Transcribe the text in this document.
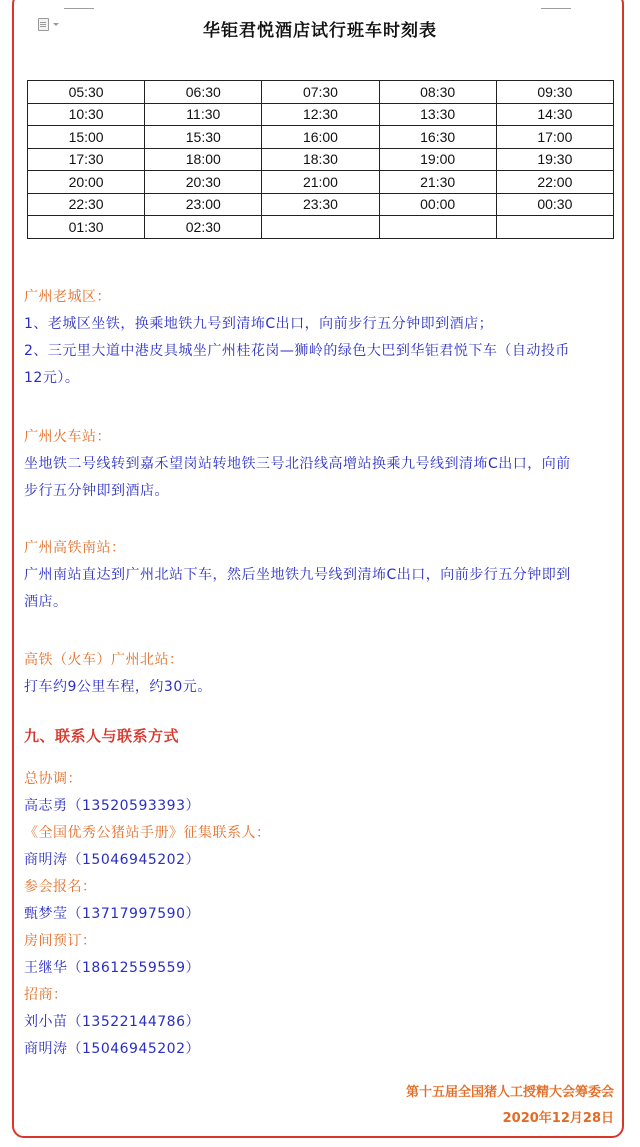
华钜君悦酒店试行班车时刻表
05:30	06:30	07:30	08:30	09:30
10:30	11:30	12:30	13:30	14:30
15:00	15:30	16:00	16:30	17:00
17:30	18:00	18:30	19:00	19:30
20:00	20:30	21:00	21:30	22:00
22:30	23:00	23:30	00:00	00:30
01:30	02:30			

广州老城区：

1、老城区坐铁，换乘地铁九号到清㘵C出口，向前步行五分钟即到酒店；

2、三元里大道中港皮具城坐广州桂花岗—狮岭的绿色大巴到华钜君悦下车（自动投币

12元）。

广州火车站：

坐地铁二号线转到嘉禾望岗站转地铁三号北沿线高增站换乘九号线到清㘵C出口，向前

步行五分钟即到酒店。

广州高铁南站：

广州南站直达到广州北站下车，然后坐地铁九号线到清㘵C出口，向前步行五分钟即到

酒店。

高铁（火车）广州北站：

打车约9公里车程，约30元。

九、联系人与联系方式

总协调：

高志勇（13520593393）

《全国优秀公猪站手册》征集联系人：

商明涛（15046945202）

参会报名：

甄梦莹（13717997590）

房间预订：

王继华（18612559559）

招商：

刘小苗（13522144786）

商明涛（15046945202）

第十五届全国猪人工授精大会筹委会
2020年12月28日
